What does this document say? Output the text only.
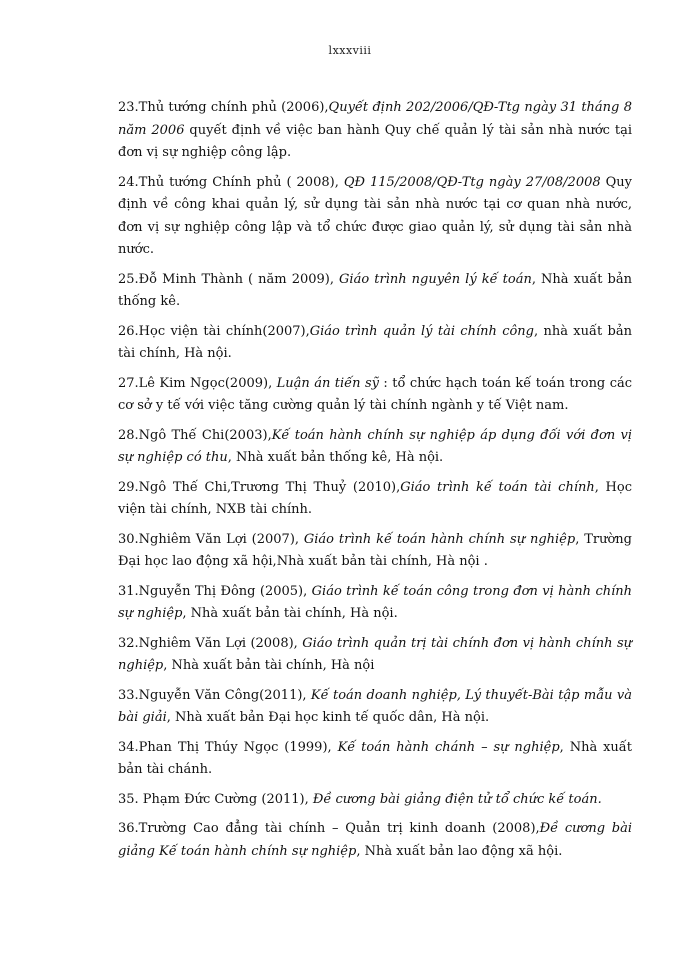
lxxxviii
23.Thủ tướng chính phủ (2006),Quyết định 202/2006/QĐ-Ttg ngày 31 tháng 8 năm 2006 quyết định về việc ban hành Quy chế quản lý tài sản nhà nước tại đơn vị sự nghiệp công lập.
24.Thủ tướng Chính phủ ( 2008), QĐ 115/2008/QĐ-Ttg ngày 27/08/2008 Quy định về công khai quản lý, sử dụng tài sản nhà nước tại cơ quan nhà nước, đơn vị sự nghiệp công lập và tổ chức được giao quản lý, sử dụng tài sản nhà nước.
25.Đỗ Minh Thành ( năm 2009), Giáo trình nguyên lý kế toán, Nhà xuất bản thống kê.
26.Học viện tài chính(2007),Giáo trình quản lý tài chính công, nhà xuất bản tài chính, Hà nội.
27.Lê Kim Ngọc(2009), Luận án tiến sỹ : tổ chức hạch toán kế toán trong các cơ sở y tế với việc tăng cường quản lý tài chính ngành y tế Việt nam.
28.Ngô Thế Chi(2003),Kế toán hành chính sự nghiệp áp dụng đối với đơn vị sự nghiệp có thu, Nhà xuất bản thống kê, Hà nội.
29.Ngô Thế Chi,Trương Thị Thuỷ (2010),Giáo trình kế toán tài chính, Học viện tài chính, NXB tài chính.
30.Nghiêm Văn Lợi (2007), Giáo trình kế toán hành chính sự nghiệp, Trường Đại học lao động xã hội,Nhà xuất bản tài chính, Hà nội .
31.Nguyễn Thị Đông (2005), Giáo trình kế toán công trong đơn vị hành chính sự nghiệp, Nhà xuất bản tài chính, Hà nội.
32.Nghiêm Văn Lợi (2008), Giáo trình quản trị tài chính đơn vị hành chính sự nghiệp, Nhà xuất bản tài chính, Hà nội
33.Nguyễn Văn Công(2011), Kế toán doanh nghiệp, Lý thuyết-Bài tập mẫu và bài giải, Nhà xuất bản Đại học kinh tế quốc dân, Hà nội.
34.Phan Thị Thúy Ngọc (1999), Kế toán hành chánh – sự nghiệp, Nhà xuất bản tài chánh.
35. Phạm Đức Cường (2011), Đề cương bài giảng điện tử tổ chức kế toán.
36.Trường Cao đẳng tài chính – Quản trị kinh doanh (2008),Đề cương bài giảng Kế toán hành chính sự nghiệp, Nhà xuất bản lao động xã hội.
